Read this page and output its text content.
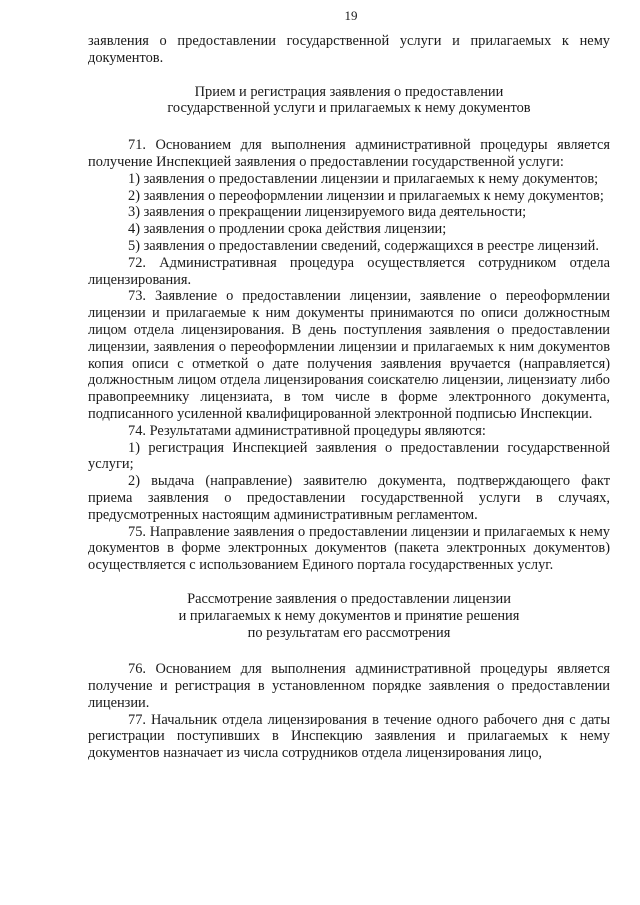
19

заявления о предоставлении государственной услуги и прилагаемых к нему документов.

Прием и регистрация заявления о предоставлении

государственной услуги и прилагаемых к нему документов

71. Основанием для выполнения административной процедуры является получение Инспекцией заявления о предоставлении государственной услуги:

1) заявления о предоставлении лицензии и прилагаемых к нему документов;

2) заявления о переоформлении лицензии и прилагаемых к нему документов;

3) заявления о прекращении лицензируемого вида деятельности;

4) заявления о продлении срока действия лицензии;

5) заявления о предоставлении сведений, содержащихся в реестре лицензий.

72. Административная процедура осуществляется сотрудником отдела лицензирования.

73. Заявление о предоставлении лицензии, заявление о переоформлении лицензии и прилагаемые к ним документы принимаются по описи должностным лицом отдела лицензирования. В день поступления заявления о предоставлении лицензии, заявления о переоформлении лицензии и прилагаемых к ним документов копия описи с отметкой о дате получения заявления вручается (направляется) должностным лицом отдела лицензирования соискателю лицензии, лицензиату либо правопреемнику лицензиата, в том числе в форме электронного документа, подписанного усиленной квалифицированной электронной подписью Инспекции.

74. Результатами административной процедуры являются:

1) регистрация Инспекцией заявления о предоставлении государственной услуги;

2) выдача (направление) заявителю документа, подтверждающего факт приема заявления о предоставлении государственной услуги в случаях, предусмотренных настоящим административным регламентом.

75. Направление заявления о предоставлении лицензии и прилагаемых к нему документов в форме электронных документов (пакета электронных документов) осуществляется с использованием Единого портала государственных услуг.

Рассмотрение заявления о предоставлении лицензии

и прилагаемых к нему документов и принятие решения

по результатам его рассмотрения

76. Основанием для выполнения административной процедуры является получение и регистрация в установленном порядке заявления о предоставлении лицензии.

77. Начальник отдела лицензирования в течение одного рабочего дня с даты регистрации поступивших в Инспекцию заявления и прилагаемых к нему документов назначает из числа сотрудников отдела лицензирования лицо,
